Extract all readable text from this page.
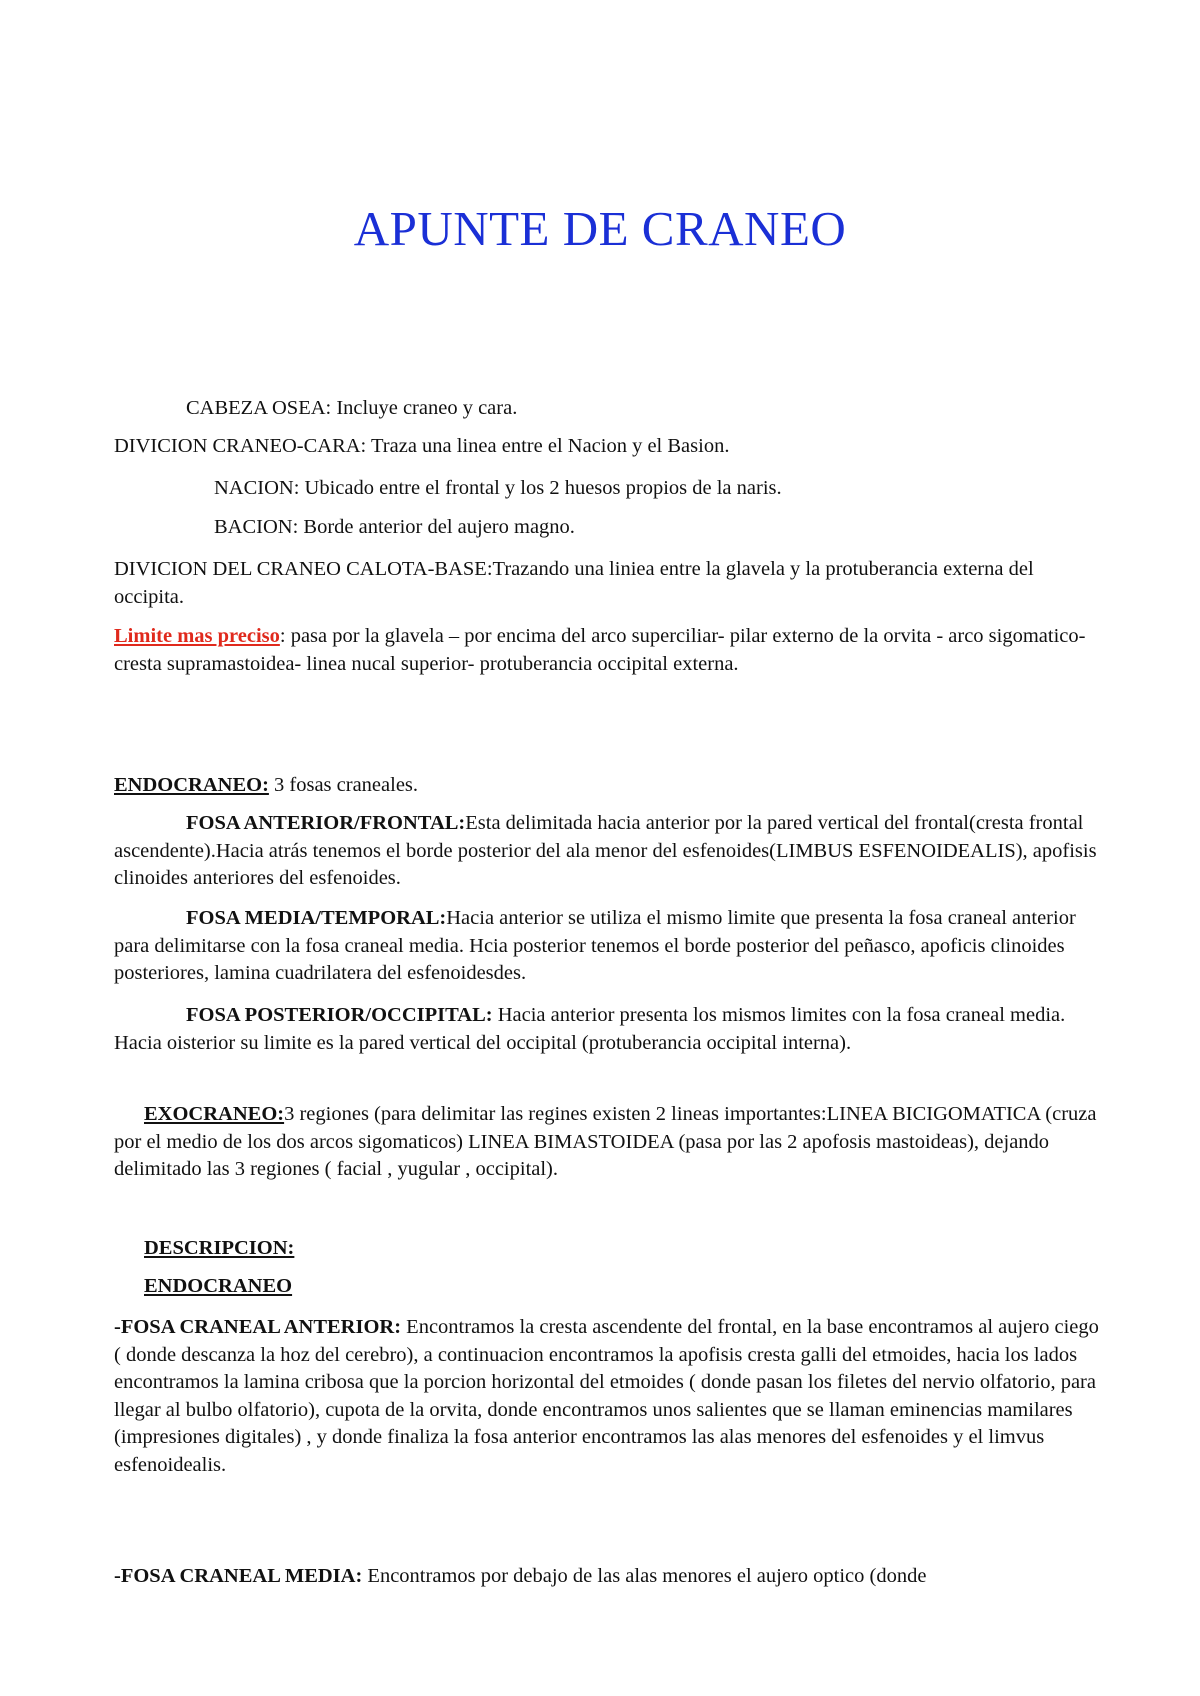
APUNTE DE CRANEO

CABEZA OSEA: Incluye craneo y cara.

DIVICION CRANEO-CARA: Traza una linea entre el Nacion y el Basion.

NACION: Ubicado entre el frontal y los 2 huesos propios de la naris.

BACION: Borde anterior del aujero magno.

DIVICION DEL CRANEO CALOTA-BASE:Trazando una liniea entre la glavela y la protuberancia externa del occipita.

Limite mas preciso: pasa por la glavela – por encima del arco superciliar- pilar externo de la orvita - arco sigomatico-cresta supramastoidea- linea nucal superior- protuberancia occipital externa.

ENDOCRANEO: 3 fosas craneales.

FOSA ANTERIOR/FRONTAL:Esta delimitada hacia anterior por la pared vertical del frontal(cresta frontal ascendente).Hacia atrás tenemos el borde posterior del ala menor del esfenoides(LIMBUS ESFENOIDEALIS), apofisis clinoides anteriores del esfenoides.

FOSA MEDIA/TEMPORAL:Hacia anterior se utiliza el mismo limite que presenta la fosa craneal anterior para delimitarse con la fosa craneal media. Hcia posterior tenemos el borde posterior del peñasco, apoficis clinoides posteriores, lamina cuadrilatera del esfenoidesdes.

FOSA POSTERIOR/OCCIPITAL: Hacia anterior presenta los mismos limites con la fosa craneal media. Hacia oisterior su limite es la pared vertical del occipital (protuberancia occipital interna).

EXOCRANEO:3 regiones (para delimitar las regines existen 2 lineas importantes:LINEA BICIGOMATICA (cruza por el medio de los dos arcos sigomaticos) LINEA BIMASTOIDEA (pasa por las 2 apofosis mastoideas), dejando delimitado las 3 regiones ( facial , yugular , occipital).

DESCRIPCION:
ENDOCRANEO

-FOSA CRANEAL ANTERIOR: Encontramos la cresta ascendente del frontal, en la base encontramos al aujero ciego ( donde descanza la hoz del cerebro), a continuacion encontramos la apofisis cresta galli del etmoides, hacia los lados encontramos la lamina cribosa que la porcion horizontal del etmoides ( donde pasan los filetes del nervio olfatorio, para llegar al bulbo olfatorio), cupota de la orvita, donde encontramos unos salientes que se llaman eminencias mamilares (impresiones digitales) , y donde finaliza la fosa anterior encontramos las alas menores del esfenoides y el limvus esfenoidealis.

-FOSA CRANEAL MEDIA: Encontramos por debajo de las alas menores el aujero optico (donde
